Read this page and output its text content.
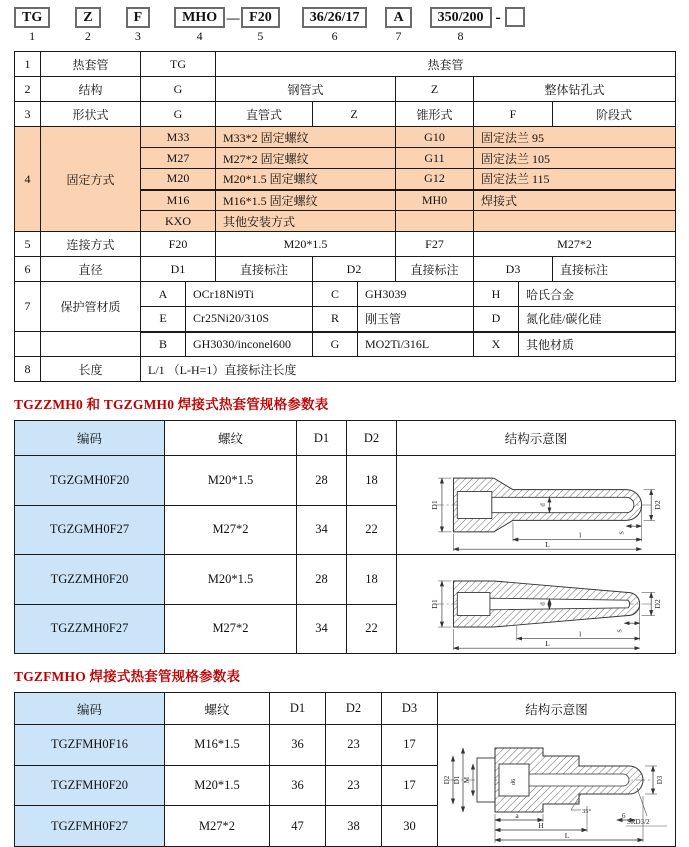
TG
1
Z
2
F
3
MHO
4
— F20
5
36/26/17
6
A
7
350/200
8
-
1	热套管	TG		热套管						
2	结构	G		钢管式			Z	整体钻孔式		
3	形状式	G		直管式	Z		锥形式	F		阶段式
4	固定方式	M33		M33*2 固定螺纹			G10	固定法兰 95		
		M27		M27*2 固定螺纹			G11	固定法兰 105		
		M20		M20*1.5 固定螺纹			G12	固定法兰 115		
		M16		M16*1.5 固定螺纹			MH0	焊接式		
		KXO		其他安装方式						
5	连接方式	F20		M20*1.5			F27	M27*2		
6	直径	D1		直接标注	D2		直接标注	D3		直接标注
7	保护管材质	A	OCr18Ni9Ti		C	GH3039		H	哈氏合金	
		E	Cr25Ni20/310S		R	刚玉管		D	氮化硅/碳化硅	
		B	GH3030/inconel600		G	MO2Ti/316L		X	其他材质	
8	长度	L/1 （L-H=1）直接标注长度								
TGZZMH0 和 TGZGMH0 焊接式热套管规格参数表
编码	螺纹	D1	D2	结构示意图
TGZGMH0F20	M20*1.5	28	18	
D1	d	D2
S
l
L

TGZGMH0F27	M27*2	34	22	
TGZZMH0F20	M20*1.5	28	18	
D1	d	D2
S
l
L

TGZZMH0F27	M27*2	34	22	
TGZFMHO 焊接式热套管规格参数表
编码	螺纹	D1	D2	D3	结构示意图
TGZFMH0F16	M16*1.5	36	23	17	
D2 D1 M	d6
35°
D3
SRD3/2
6
a
H
L

TGZFMH0F20	M20*1.5	36	23	17	
TGZFMH0F27	M27*2	47	38	30	
